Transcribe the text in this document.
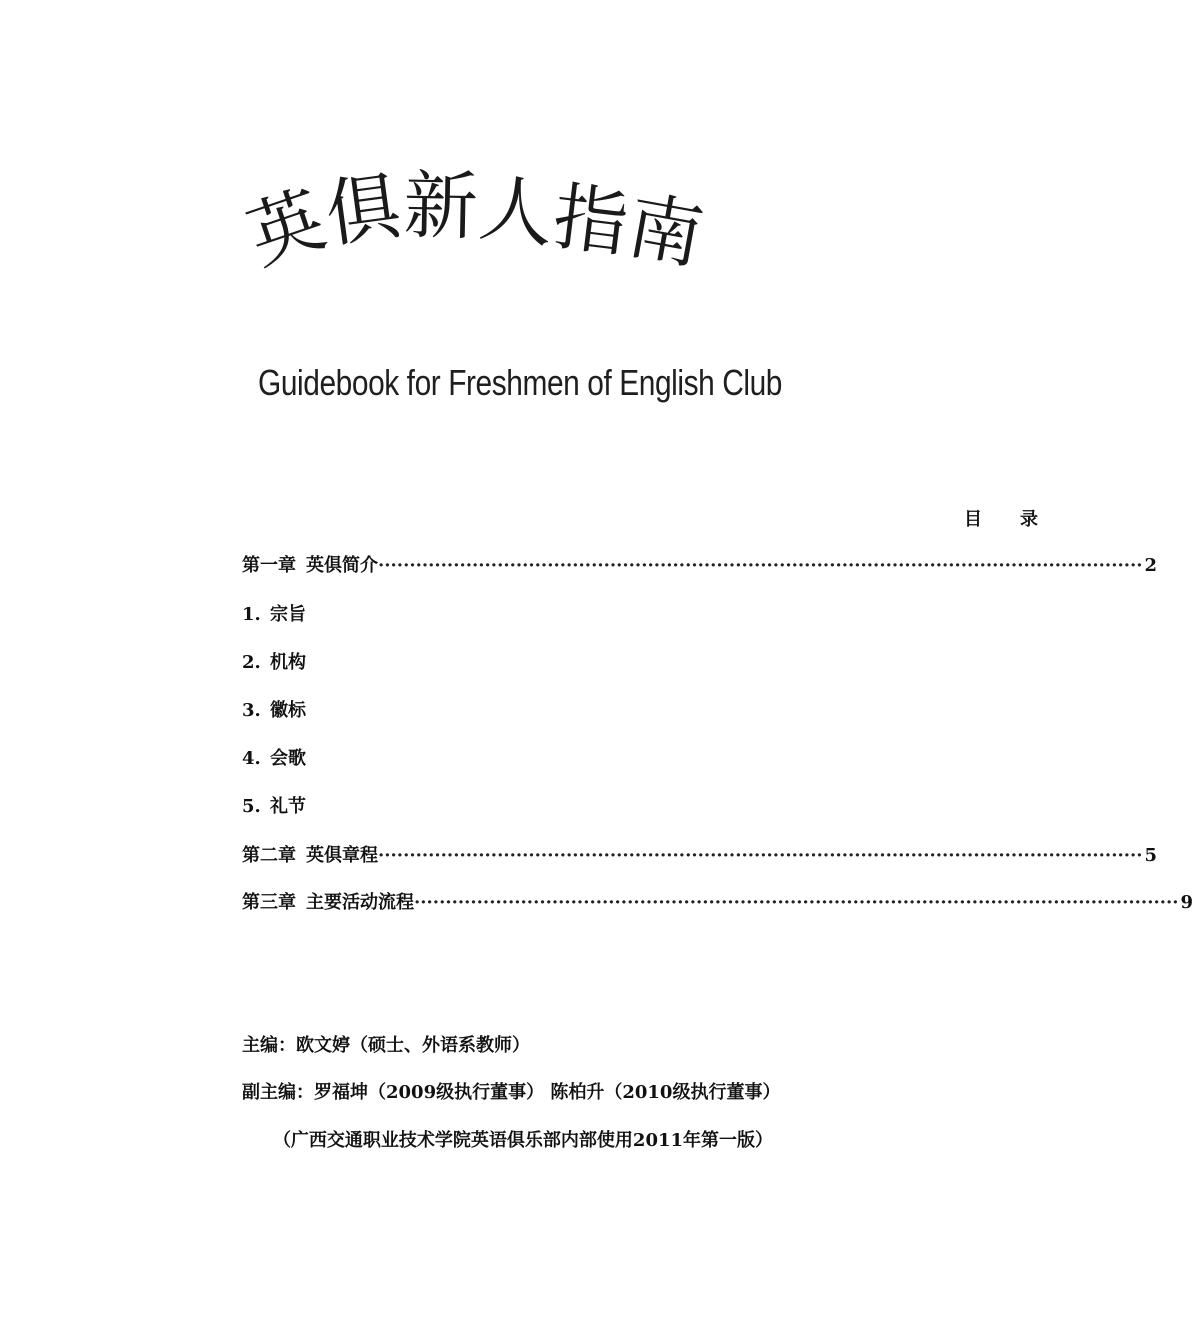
英俱新人指南
Guidebook for Freshmen of English Club
目 录
第一章 英俱简介 ·························································································································· 2
1. 宗旨
2. 机构
3. 徽标
4. 会歌
5. 礼节
第二章 英俱章程 ·························································································································· 5
第三章 主要活动流程 ·························································································································· 9
主编：欧文婷（硕士、外语系教师）
副主编：罗福坤（2009级执行董事） 陈柏升（2010级执行董事）
（广西交通职业技术学院英语俱乐部内部使用2011年第一版）
